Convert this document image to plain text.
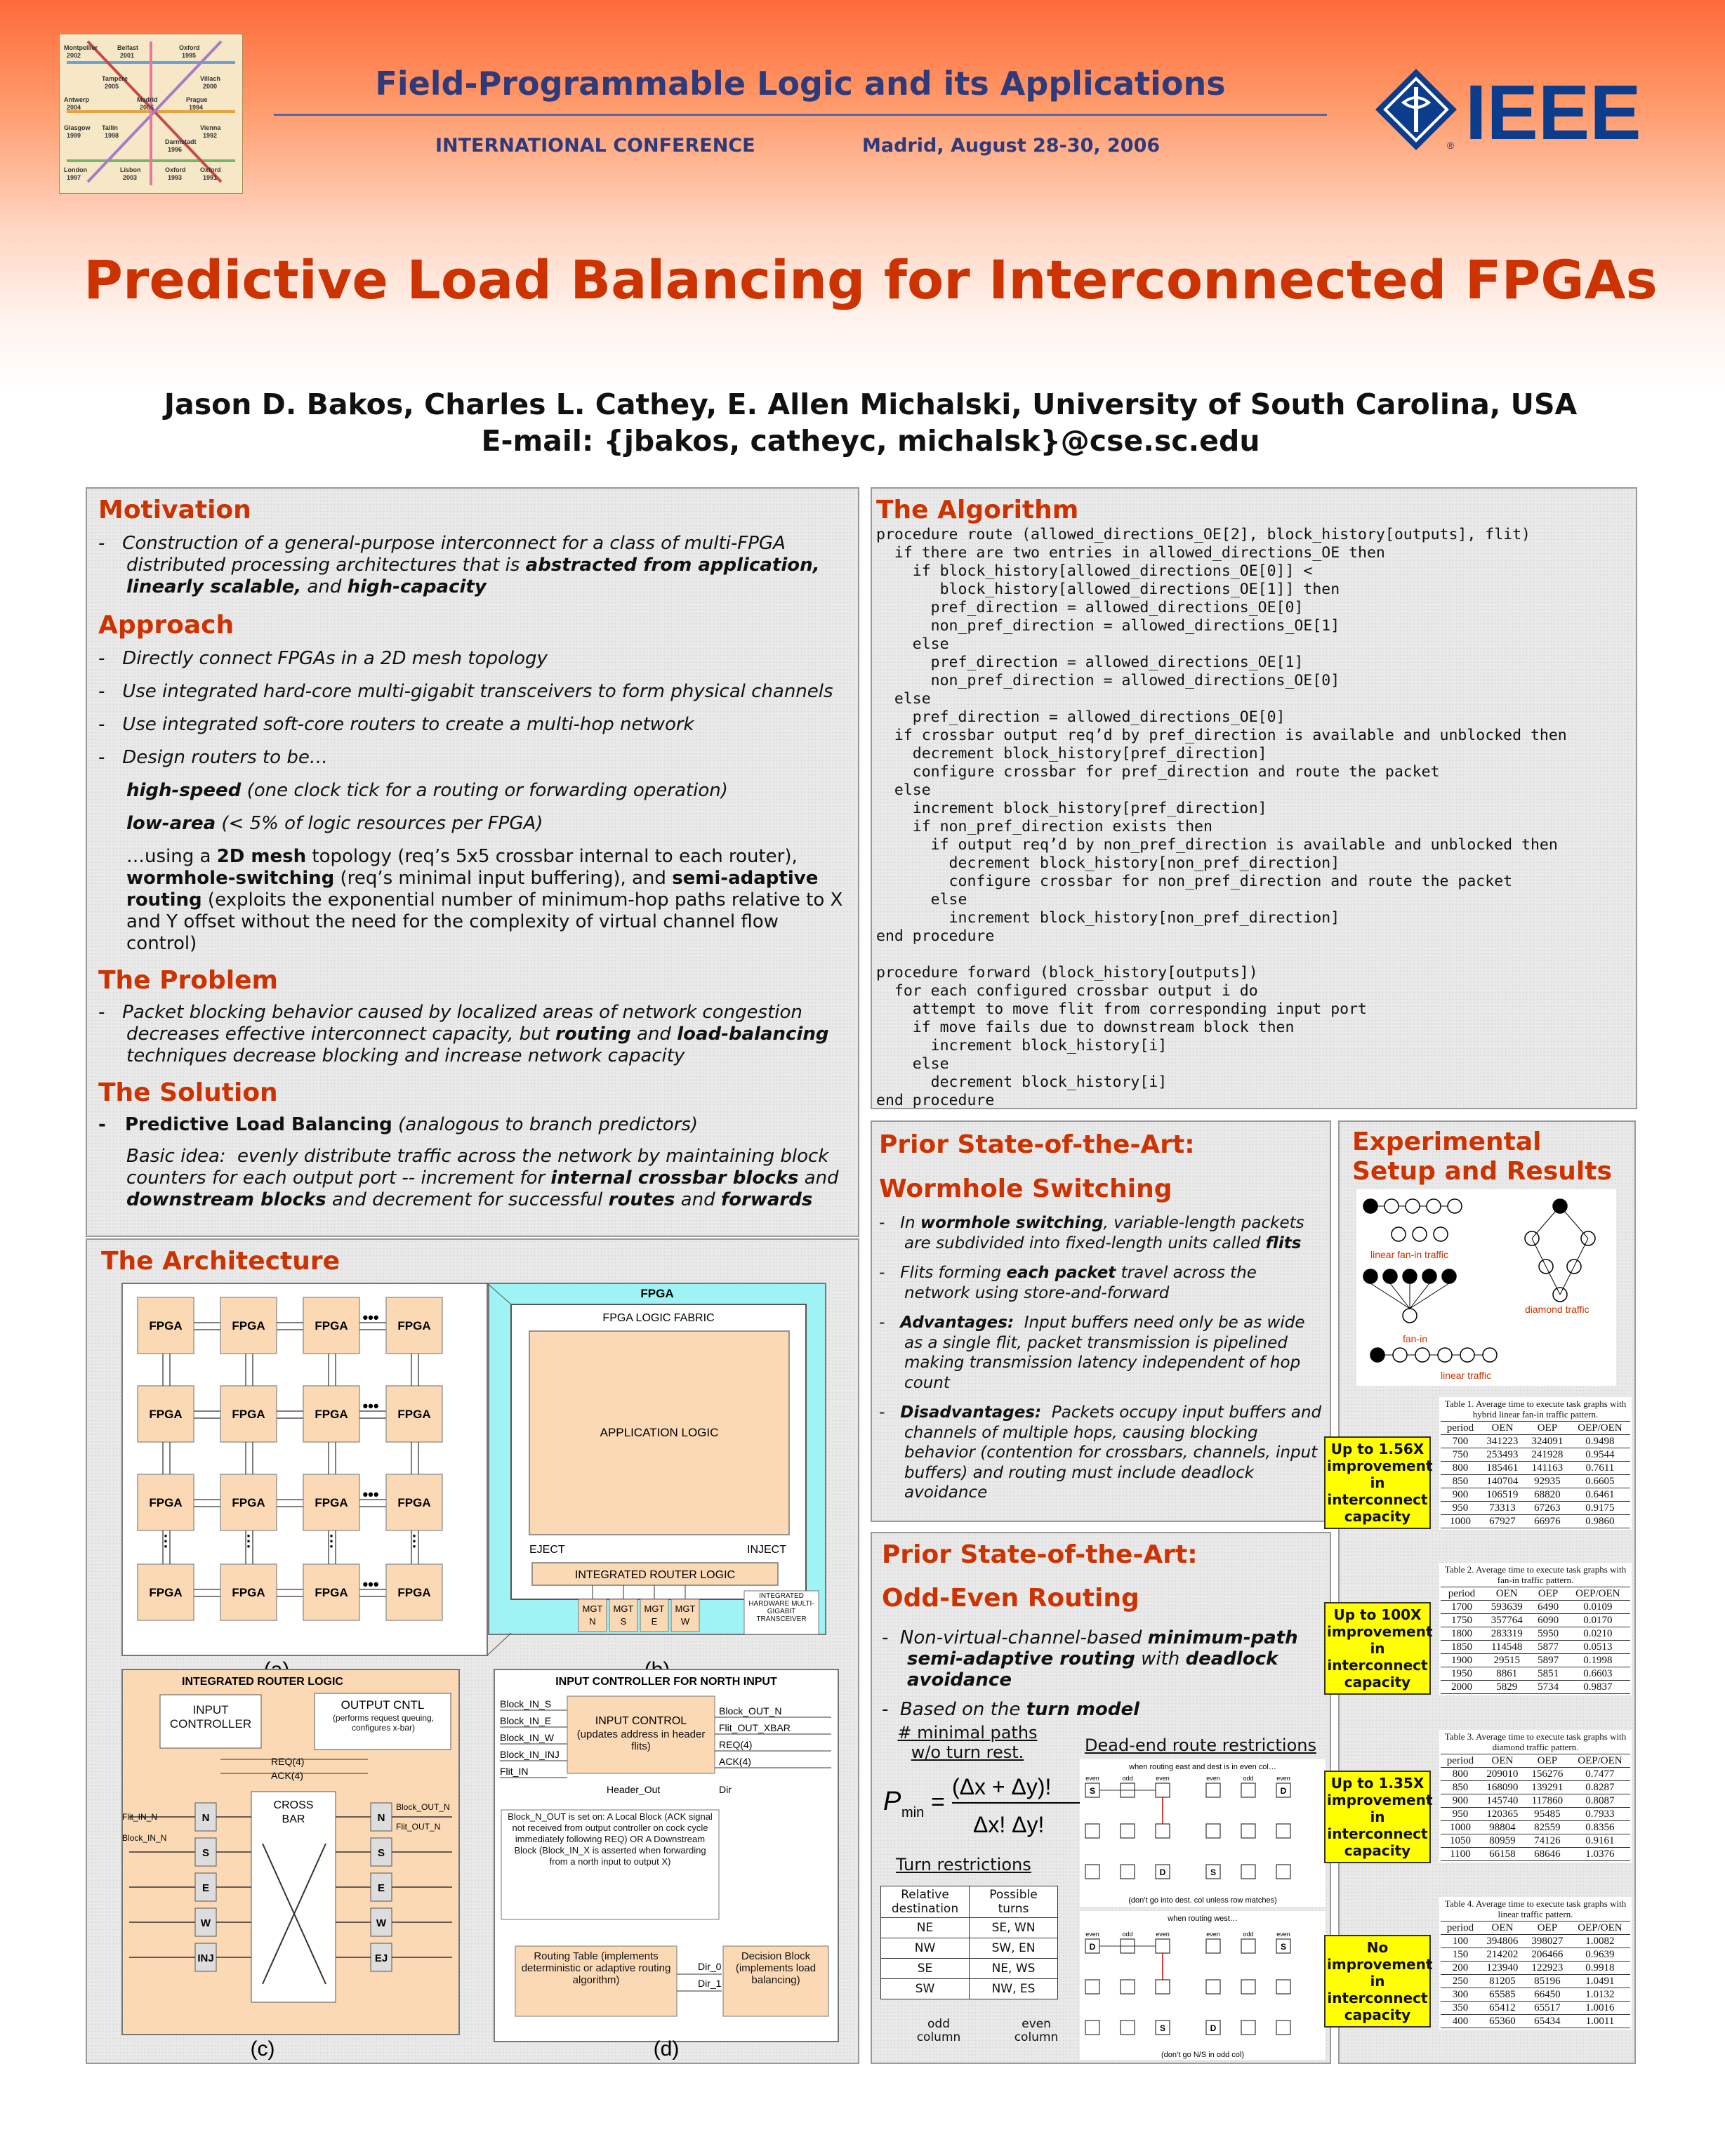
Montpellier
2002
Belfast
2001
Oxford
1995
Tampere
2005
Villach
2000
Antwerp
2004
Madrid
2006
Prague
1994
Glasgow
1999
Vienna
1992
Tallin
1998
Darmstadt
1996
London
1997
Lisbon
2003
Oxford
1993
Oxford
1991
Field-Programmable Logic and its Applications
INTERNATIONAL CONFERENCE	Madrid, August 28-30, 2006	IEEE
®
Predictive Load Balancing for Interconnected FPGAs
Jason D. Bakos, Charles L. Cathey, E. Allen Michalski, University of South Carolina, USA
E-mail: {jbakos, catheyc, michalsk}@cse.sc.edu
Motivation
-   Construction of a general-purpose interconnect for a class of multi-FPGA distributed processing architectures that is abstracted from application, linearly scalable, and high-capacity
Approach
-   Directly connect FPGAs in a 2D mesh topology
-   Use integrated hard-core multi-gigabit transceivers to form physical channels
-   Use integrated soft-core routers to create a multi-hop network
-   Design routers to be…
high-speed (one clock tick for a routing or forwarding operation)
low-area (< 5% of logic resources per FPGA)
…using a 2D mesh topology (req’s 5x5 crossbar internal to each router), wormhole-switching (req’s minimal input buffering), and semi-adaptive routing (exploits the exponential number of minimum-hop paths relative to X and Y offset without the need for the complexity of virtual channel flow control)
The Problem
-   Packet blocking behavior caused by localized areas of network congestion decreases effective interconnect capacity, but routing and load-balancing techniques decrease blocking and increase network capacity
The Solution
-   Predictive Load Balancing (analogous to branch predictors)
Basic idea:  evenly distribute traffic across the network by maintaining block counters for each output port -- increment for internal crossbar blocks and downstream blocks and decrement for successful routes and forwards
The Architecture
FPGA	FPGA	FPGA	FPGA
FPGA	FPGA	FPGA	FPGA
FPGA	FPGA	FPGA	FPGA
FPGA	FPGA	FPGA	FPGA
•••
•••
•••
•••
⋮	⋮	⋮	⋮
FPGA
FPGA LOGIC FABRIC
APPLICATION LOGIC
EJECT	INJECT
INTEGRATED ROUTER LOGIC
MGT
N
MGT
S
MGT
E
MGT
W
INTEGRATED HARDWARE MULTI-GIGABIT TRANSCEIVER
INTEGRATED ROUTER LOGIC
INPUT CONTROLLER
OUTPUT CNTL
(performs request queuing, configures x-bar)
REQ(4)
ACK(4)
CROSS
BAR
N
S
E
W
INJ
N
S
E
W
EJ
Flit_IN_N
Block_IN_N
Block_OUT_N
Flit_OUT_N
(c)
INPUT CONTROLLER FOR NORTH INPUT
Block_IN_S
Block_IN_E
Block_IN_W
Block_IN_INJ
Flit_IN
INPUT CONTROL
(updates address in header flits)
Block_OUT_N
Flit_OUT_XBAR
REQ(4)
ACK(4)
Header_Out	Dir
Block_N_OUT is set on: A Local Block (ACK signal not received from output controller on cock cycle immediately following REQ) OR A Downstream Block (Block_IN_X is asserted when forwarding from a north input to output X)
Routing Table (implements deterministic or adaptive routing algorithm)
Dir_0
Dir_1
Decision Block (implements load balancing)
(d)
The Algorithm
procedure route (allowed_directions_OE[2], block_history[outputs], flit)
if there are two entries in allowed_directions_OE then
if block_history[allowed_directions_OE[0]] <
block_history[allowed_directions_OE[1]] then
pref_direction = allowed_directions_OE[0]
non_pref_direction = allowed_directions_OE[1]
else
pref_direction = allowed_directions_OE[1]
non_pref_direction = allowed_directions_OE[0]
else
pref_direction = allowed_directions_OE[0]
if crossbar output req’d by pref_direction is available and unblocked then
decrement block_history[pref_direction]
configure crossbar for pref_direction and route the packet
else
increment block_history[pref_direction]
if non_pref_direction exists then
if output req’d by non_pref_direction is available and unblocked then
decrement block_history[non_pref_direction]
configure crossbar for non_pref_direction and route the packet
else
increment block_history[non_pref_direction]
end procedure

procedure forward (block_history[outputs])
for each configured crossbar output i do
attempt to move flit from corresponding input port
if move fails due to downstream block then
increment block_history[i]
else
decrement block_history[i]
end procedure
Prior State-of-the-Art:
Wormhole Switching
-   In wormhole switching, variable-length packets are subdivided into fixed-length units called flits
-   Flits forming each packet travel across the network using store-and-forward
-   Advantages:  Input buffers need only be as wide as a single flit, packet transmission is pipelined making transmission latency independent of hop count
-   Disadvantages:  Packets occupy input buffers and channels of multiple hops, causing blocking behavior (contention for crossbars, channels, input buffers) and routing must include deadlock avoidance
Prior State-of-the-Art:
Odd-Even Routing
-  Non-virtual-channel-based minimum-path semi-adaptive routing with deadlock avoidance
-  Based on the turn model
# minimal paths
w/o turn rest.
P min =
(Δx + Δy)!
Δx! Δy!
Turn restrictions
Relative destination	Possible turns
NE	SE, WN
NW	SW, EN
SE	NE, WS
SW	NW, ES
odd column
even column
Dead-end route restrictions
when routing east and dest is in even col…
(don’t go into dest. col unless row matches)
when routing west…
(don’t go N/S in odd col)
even	odd	even	even	odd	even
S	D
D	S
even	odd	even	even	odd	even
D	S
S	D
Experimental
Setup and Results
linear fan-in traffic
diamond traffic
fan-in
linear traffic
Table 1. Average time to execute task graphs with hybrid linear fan-in traffic pattern.
period	OEN	OEP	OEP/OEN
700	341223	324091	0.9498
750	253493	241928	0.9544
800	185461	141163	0.7611
850	140704	92935	0.6605
900	106519	68820	0.6461
950	73313	67263	0.9175
1000	67927	66976	0.9860
Table 2. Average time to execute task graphs with fan-in traffic pattern.
period	OEN	OEP	OEP/OEN
1700	593639	6490	0.0109
1750	357764	6090	0.0170
1800	283319	5950	0.0210
1850	114548	5877	0.0513
1900	29515	5897	0.1998
1950	8861	5851	0.6603
2000	5829	5734	0.9837
Table 3. Average time to execute task graphs with diamond traffic pattern.
period	OEN	OEP	OEP/OEN
800	209010	156276	0.7477
850	168090	139291	0.8287
900	145740	117860	0.8087
950	120365	95485	0.7933
1000	98804	82559	0.8356
1050	80959	74126	0.9161
1100	66158	68646	1.0376
Table 4. Average time to execute task graphs with linear traffic pattern.
period	OEN	OEP	OEP/OEN
100	394806	398027	1.0082
150	214202	206466	0.9639
200	123940	122923	0.9918
250	81205	85196	1.0491
300	65585	66450	1.0132
350	65412	65517	1.0016
400	65360	65434	1.0011
Up to 1.56X improvement in interconnect capacity
Up to 100X improvement in interconnect capacity
Up to 1.35X improvement in interconnect capacity
No improvement in interconnect capacity
